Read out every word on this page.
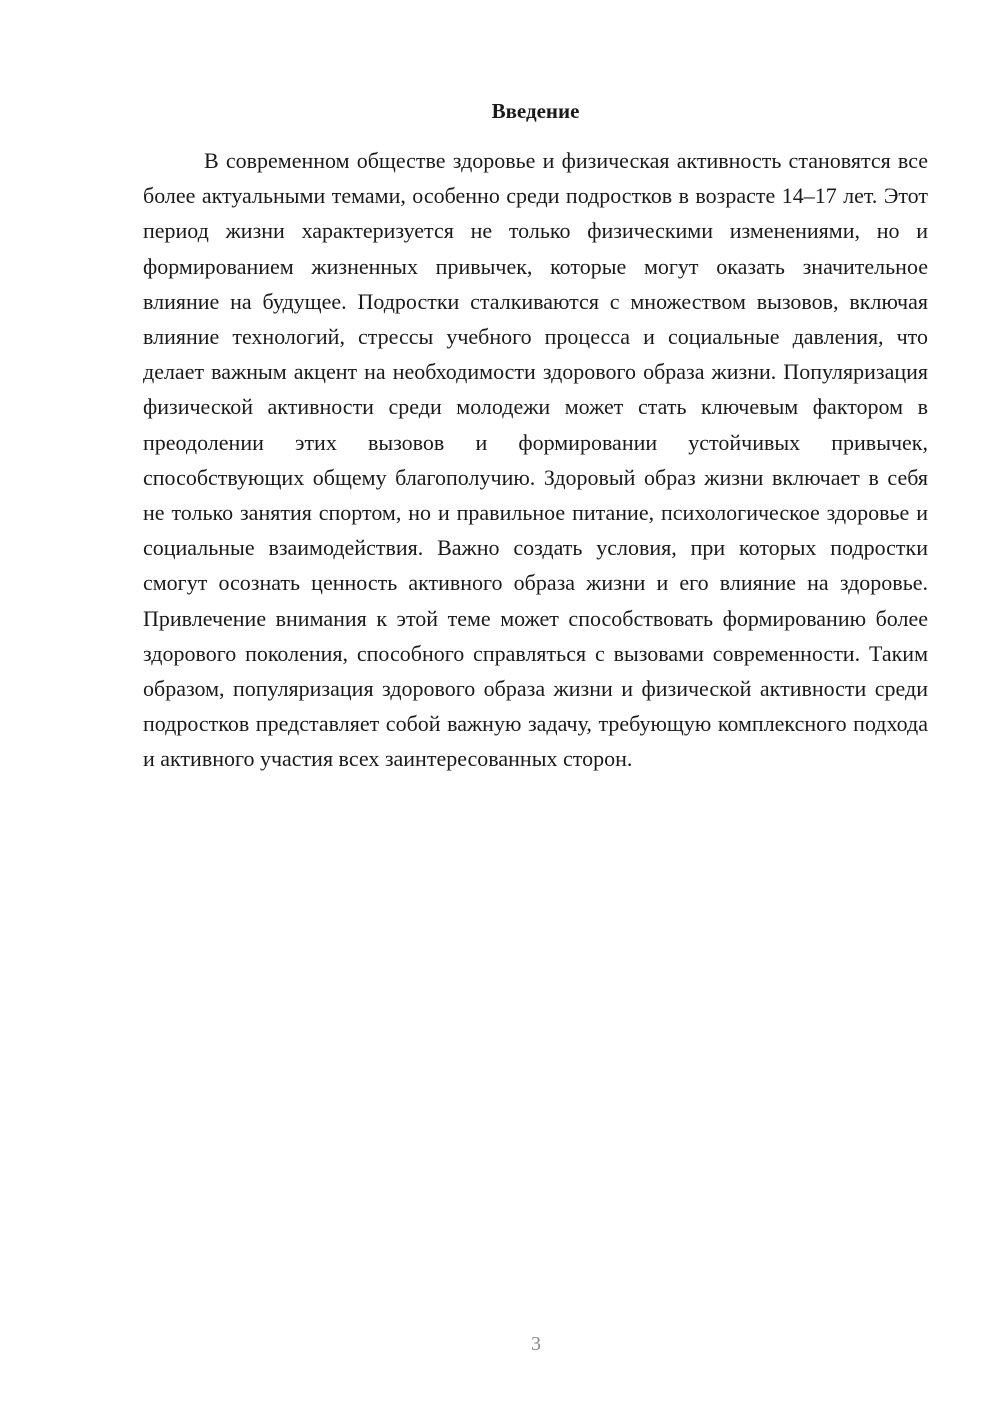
Введение

В современном обществе здоровье и физическая активность становятся все более актуальными темами, особенно среди подростков в возрасте 14–17 лет. Этот период жизни характеризуется не только физическими изменениями, но и формированием жизненных привычек, которые могут оказать значительное влияние на будущее. Подростки сталкиваются с множеством вызовов, включая влияние технологий, стрессы учебного процесса и социальные давления, что делает важным акцент на необходимости здорового образа жизни. Популяризация физической активности среди молодежи может стать ключевым фактором в преодолении этих вызовов и формировании устойчивых привычек, способствующих общему благополучию. Здоровый образ жизни включает в себя не только занятия спортом, но и правильное питание, психологическое здоровье и социальные взаимодействия. Важно создать условия, при которых подростки смогут осознать ценность активного образа жизни и его влияние на здоровье. Привлечение внимания к этой теме может способствовать формированию более здорового поколения, способного справляться с вызовами современности. Таким образом, популяризация здорового образа жизни и физической активности среди подростков представляет собой важную задачу, требующую комплексного подхода и активного участия всех заинтересованных сторон.

3
